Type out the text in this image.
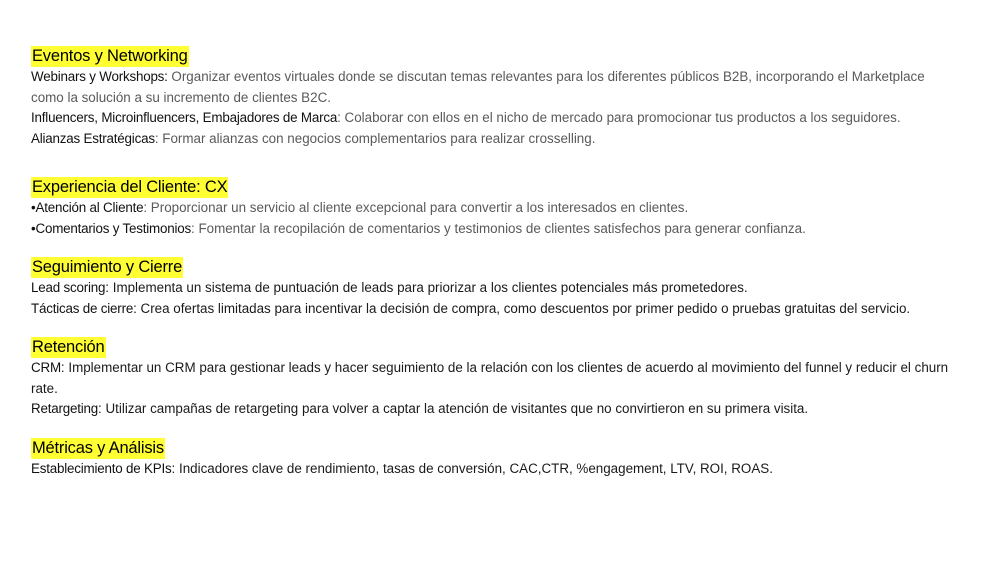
Eventos y Networking

Webinars y Workshops: Organizar eventos virtuales donde se discutan temas relevantes para los diferentes públicos B2B, incorporando el Marketplace como la solución a su incremento de clientes B2C.

Influencers, Microinfluencers, Embajadores de Marca: Colaborar con ellos en el nicho de mercado para promocionar tus productos a los seguidores.

Alianzas Estratégicas: Formar alianzas con negocios complementarios para realizar crosselling.

Experiencia del Cliente: CX

•Atención al Cliente: Proporcionar un servicio al cliente excepcional para convertir a los interesados en clientes.

•Comentarios y Testimonios: Fomentar la recopilación de comentarios y testimonios de clientes satisfechos para generar confianza.

Seguimiento y Cierre

Lead scoring: Implementa un sistema de puntuación de leads para priorizar a los clientes potenciales más prometedores.

Tácticas de cierre: Crea ofertas limitadas para incentivar la decisión de compra, como descuentos por primer pedido o pruebas gratuitas del servicio.

Retención

CRM: Implementar un CRM para gestionar leads y hacer seguimiento de la relación con los clientes de acuerdo al movimiento del funnel y reducir el churn rate.

Retargeting: Utilizar campañas de retargeting para volver a captar la atención de visitantes que no convirtieron en su primera visita.

Métricas y Análisis

Establecimiento de KPIs: Indicadores clave de rendimiento, tasas de conversión, CAC,CTR, %engagement, LTV, ROI, ROAS.
